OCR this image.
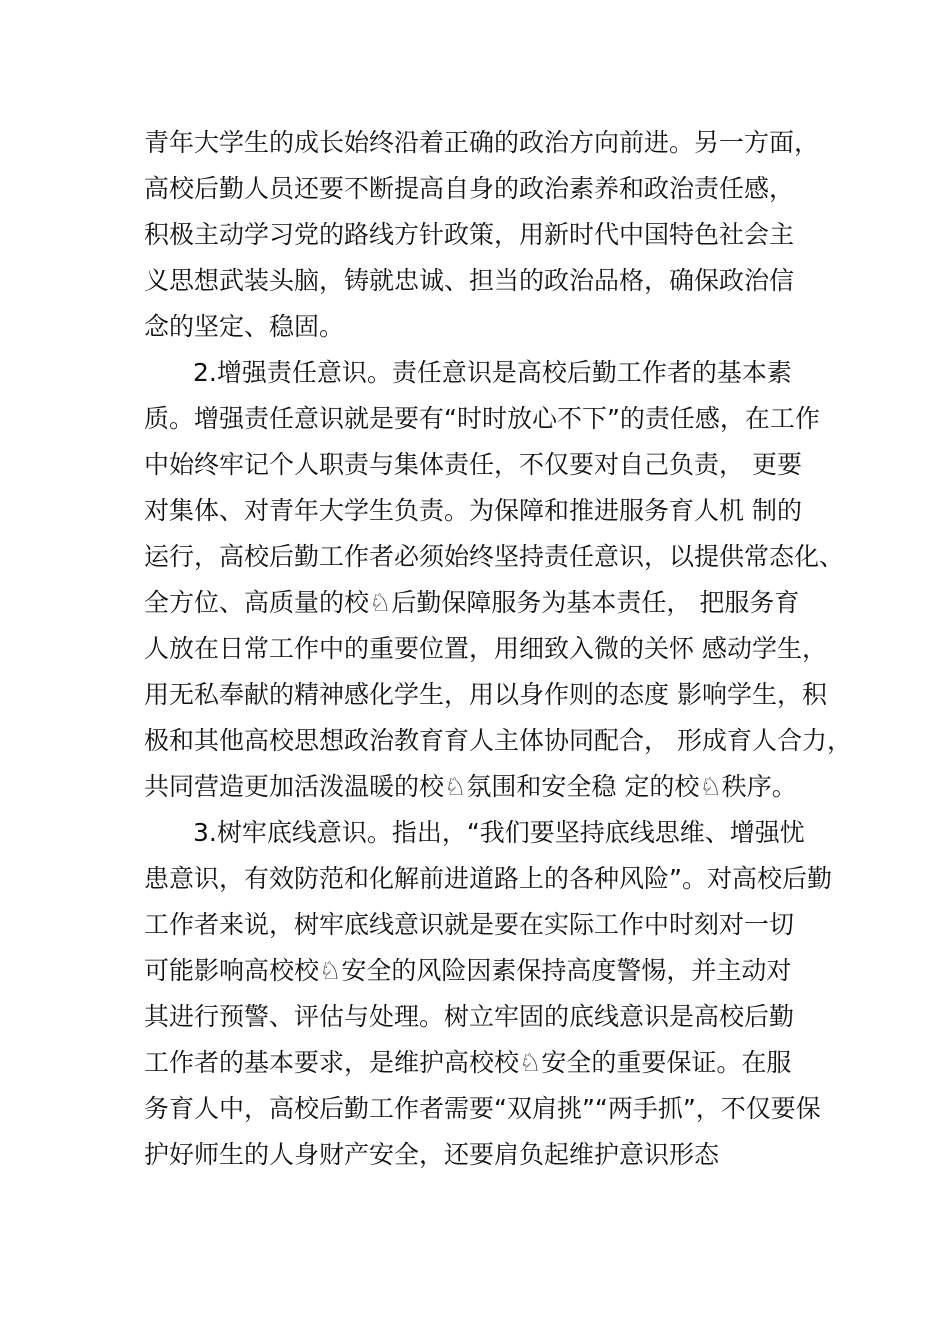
青年大学生的成长始终沿着正确的政治方向前进。另一方面，
高校后勤人员还要不断提高自身的政治素养和政治责任感，
积极主动学习党的路线方针政策，用新时代中国特色社会主
义思想武装头脑，铸就忠诚、担当的政治品格，确保政治信
念的坚定、稳固。
2.增强责任意识。责任意识是高校后勤工作者的基本素
质。增强责任意识就是要有“时时放心不下”的责任感，在工作
中始终牢记个人职责与集体责任，不仅要对自己负责， 更要
对集体、对青年大学生负责。为保障和推进服务育人机 制的
运行，高校后勤工作者必须始终坚持责任意识，以提供常态化、
全方位、高质量的校♘后勤保障服务为基本责任， 把服务育
人放在日常工作中的重要位置，用细致入微的关怀 感动学生，
用无私奉献的精神感化学生，用以身作则的态度 影响学生，积
极和其他高校思想政治教育育人主体协同配合， 形成育人合力，
共同营造更加活泼温暖的校♘氛围和安全稳 定的校♘秩序。
3.树牢底线意识。指出，“我们要坚持底线思维、增强忧
患意识，有效防范和化解前进道路上的各种风险”。对高校后勤
工作者来说，树牢底线意识就是要在实际工作中时刻对一切
可能影响高校校♘安全的风险因素保持高度警惕，并主动对
其进行预警、评估与处理。树立牢固的底线意识是高校后勤
工作者的基本要求，是维护高校校♘安全的重要保证。在服
务育人中，高校后勤工作者需要“双肩挑”“两手抓”，不仅要保
护好师生的人身财产安全，还要肩负起维护意识形态
